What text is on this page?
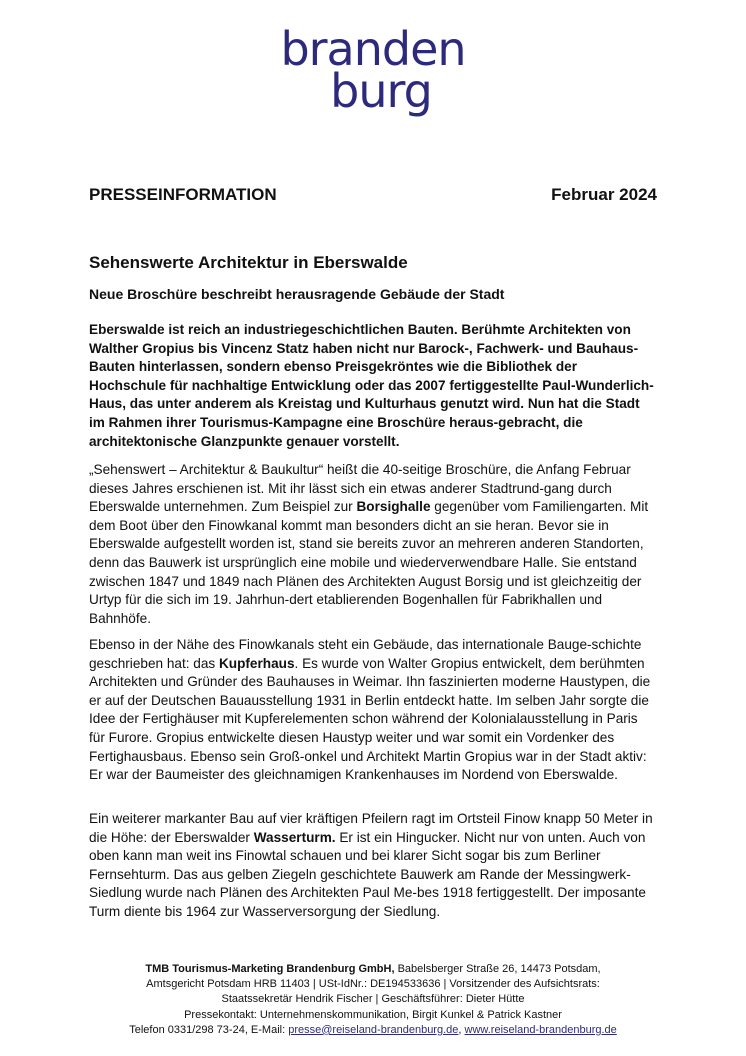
branden
burg
PRESSEINFORMATION	Februar 2024
Sehenswerte Architektur in Eberswalde
Neue Broschüre beschreibt herausragende Gebäude der Stadt
Eberswalde ist reich an industriegeschichtlichen Bauten. Berühmte Architekten von Walther Gropius bis Vincenz Statz haben nicht nur Barock-, Fachwerk- und Bauhaus-Bauten hinterlassen, sondern ebenso Preisgekröntes wie die Bibliothek der Hochschule für nachhaltige Entwicklung oder das 2007 fertiggestellte Paul-Wunderlich-Haus, das unter anderem als Kreistag und Kulturhaus genutzt wird. Nun hat die Stadt im Rahmen ihrer Tourismus-Kampagne eine Broschüre heraus-gebracht, die architektonische Glanzpunkte genauer vorstellt.
„Sehenswert – Architektur & Baukultur“ heißt die 40-seitige Broschüre, die Anfang Februar dieses Jahres erschienen ist. Mit ihr lässt sich ein etwas anderer Stadtrund-gang durch Eberswalde unternehmen. Zum Beispiel zur Borsighalle gegenüber vom Familiengarten. Mit dem Boot über den Finowkanal kommt man besonders dicht an sie heran. Bevor sie in Eberswalde aufgestellt worden ist, stand sie bereits zuvor an mehreren anderen Standorten, denn das Bauwerk ist ursprünglich eine mobile und wiederverwendbare Halle. Sie entstand zwischen 1847 und 1849 nach Plänen des Architekten August Borsig und ist gleichzeitig der Urtyp für die sich im 19. Jahrhun-dert etablierenden Bogenhallen für Fabrikhallen und Bahnhöfe.
Ebenso in der Nähe des Finowkanals steht ein Gebäude, das internationale Bauge-schichte geschrieben hat: das Kupferhaus. Es wurde von Walter Gropius entwickelt, dem berühmten Architekten und Gründer des Bauhauses in Weimar. Ihn faszinierten moderne Haustypen, die er auf der Deutschen Bauausstellung 1931 in Berlin entdeckt hatte. Im selben Jahr sorgte die Idee der Fertighäuser mit Kupferelementen schon während der Kolonialausstellung in Paris für Furore. Gropius entwickelte diesen Haustyp weiter und war somit ein Vordenker des Fertighausbaus. Ebenso sein Groß-onkel und Architekt Martin Gropius war in der Stadt aktiv: Er war der Baumeister des gleichnamigen Krankenhauses im Nordend von Eberswalde.
Ein weiterer markanter Bau auf vier kräftigen Pfeilern ragt im Ortsteil Finow knapp 50 Meter in die Höhe: der Eberswalder Wasserturm. Er ist ein Hingucker. Nicht nur von unten. Auch von oben kann man weit ins Finowtal schauen und bei klarer Sicht sogar bis zum Berliner Fernsehturm. Das aus gelben Ziegeln geschichtete Bauwerk am Rande der Messingwerk-Siedlung wurde nach Plänen des Architekten Paul Me-bes 1918 fertiggestellt. Der imposante Turm diente bis 1964 zur Wasserversorgung der Siedlung.
TMB Tourismus-Marketing Brandenburg GmbH, Babelsberger Straße 26, 14473 Potsdam,
Amtsgericht Potsdam HRB 11403 | USt-IdNr.: DE194533636 | Vorsitzender des Aufsichtsrats:
Staatssekretär Hendrik Fischer | Geschäftsführer: Dieter Hütte
Pressekontakt: Unternehmenskommunikation, Birgit Kunkel & Patrick Kastner
Telefon 0331/298 73-24, E-Mail: presse@reiseland-brandenburg.de, www.reiseland-brandenburg.de
